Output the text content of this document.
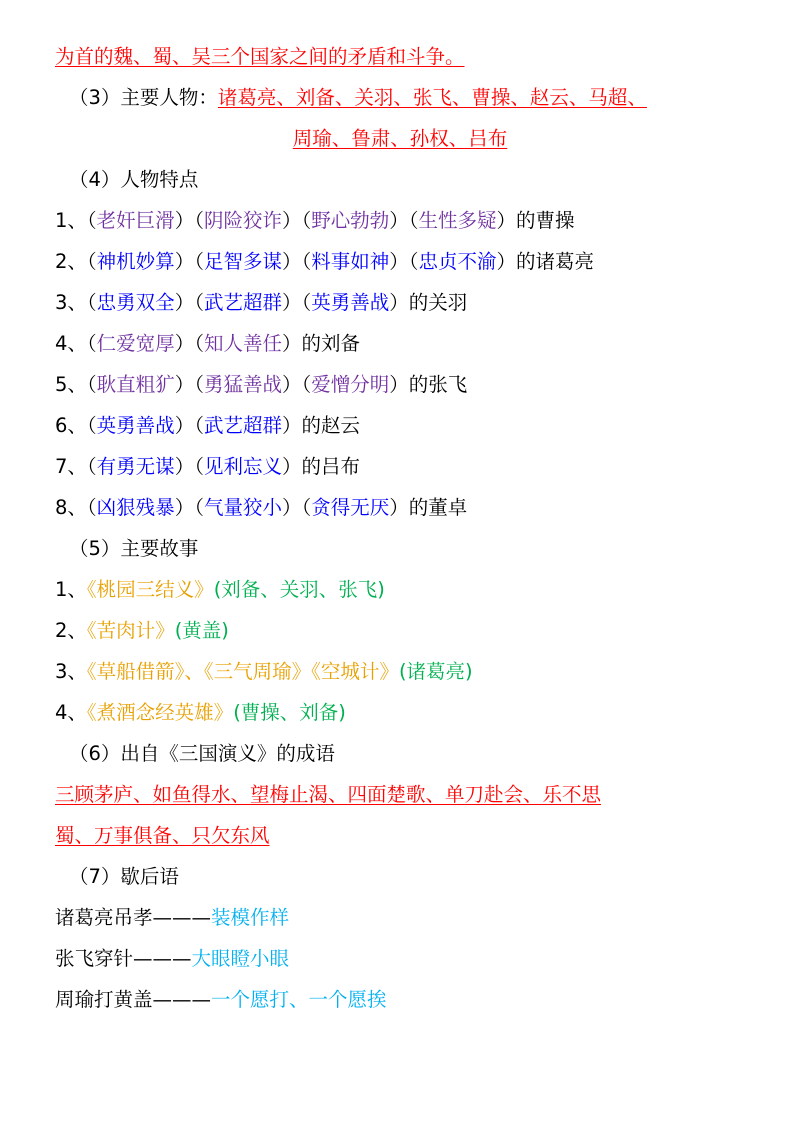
为首的魏、蜀、吴三个国家之间的矛盾和斗争。
（3）主要人物：诸葛亮、刘备、关羽、张飞、曹操、赵云、马超、
周瑜、鲁肃、孙权、吕布
（4）人物特点
1、（老奸巨滑）（阴险狡诈）（野心勃勃）（生性多疑）的曹操
2、（神机妙算）（足智多谋）（料事如神）（忠贞不渝）的诸葛亮
3、（忠勇双全）（武艺超群）（英勇善战）的关羽
4、（仁爱宽厚）（知人善任）的刘备
5、（耿直粗犷）（勇猛善战）（爱憎分明）的张飞
6、（英勇善战）（武艺超群）的赵云
7、（有勇无谋）（见利忘义）的吕布
8、（凶狠残暴）（气量狡小）（贪得无厌）的董卓
（5）主要故事
1、《桃园三结义》(刘备、关羽、张飞)
2、《苦肉计》(黄盖)
3、《草船借箭》、《三气周瑜》《空城计》(诸葛亮)
4、《煮酒念经英雄》(曹操、刘备)
（6）出自《三国演义》的成语
三顾茅庐、如鱼得水、望梅止渴、四面楚歌、单刀赴会、乐不思
蜀、万事俱备、只欠东风
（7）歇后语
诸葛亮吊孝———装模作样
张飞穿针———大眼瞪小眼
周瑜打黄盖———一个愿打、一个愿挨
